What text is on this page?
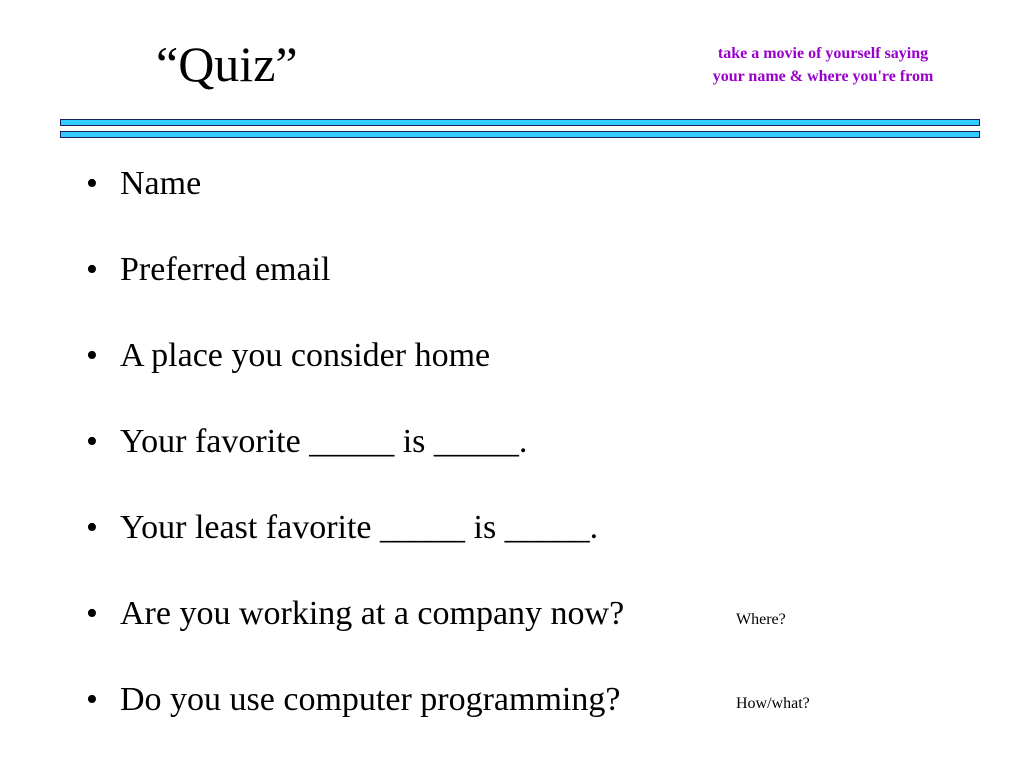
“Quiz”	take a movie of yourself saying
your name & where you're from
• Name
• Preferred email
• A place you consider home
• Your favorite _____ is _____.
• Your least favorite _____ is _____.
• Are you working at a company now?
• Do you use computer programming?
Where?
How/what?
